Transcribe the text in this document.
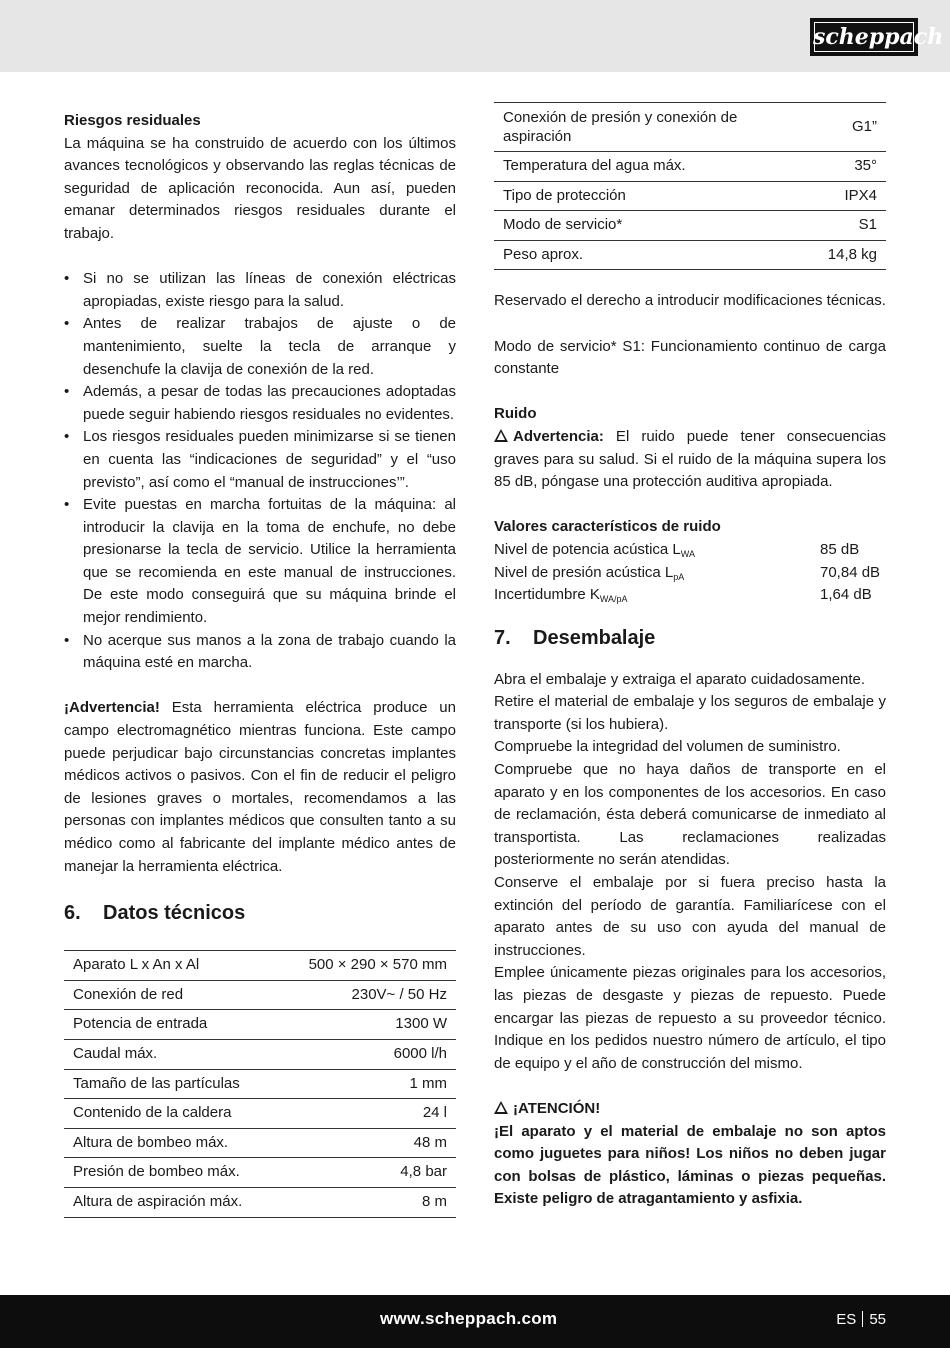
scheppach

Riesgos residuales

La máquina se ha construido de acuerdo con los últimos avances tecnológicos y observando las reglas técnicas de seguridad de aplicación reconocida. Aun así, pueden emanar determinados riesgos residuales durante el trabajo.

• Si no se utilizan las líneas de conexión eléctricas apropiadas, existe riesgo para la salud.
• Antes de realizar trabajos de ajuste o de mantenimiento, suelte la tecla de arranque y desenchufe la clavija de conexión de la red.
• Además, a pesar de todas las precauciones adoptadas puede seguir habiendo riesgos residuales no evidentes.
• Los riesgos residuales pueden minimizarse si se tienen en cuenta las “indicaciones de seguridad” y el “uso previsto”, así como el “manual de instrucciones’”.
• Evite puestas en marcha fortuitas de la máquina: al introducir la clavija en la toma de enchufe, no debe presionarse la tecla de servicio. Utilice la herramienta que se recomienda en este manual de instrucciones. De este modo conseguirá que su máquina brinde el mejor rendimiento.
• No acerque sus manos a la zona de trabajo cuando la máquina esté en marcha.

¡Advertencia! Esta herramienta eléctrica produce un campo electromagnético mientras funciona. Este campo puede perjudicar bajo circunstancias concretas implantes médicos activos o pasivos. Con el fin de reducir el peligro de lesiones graves o mortales, recomendamos a las personas con implantes médicos que consulten tanto a su médico como al fabricante del implante médico antes de manejar la herramienta eléctrica.

6.	Datos técnicos
Aparato L x An x Al	500 × 290 × 570 mm
Conexión de red	230V~ / 50 Hz
Potencia de entrada	1300 W
Caudal máx.	6000 l/h
Tamaño de las partículas	1 mm
Contenido de la caldera	24 l
Altura de bombeo máx.	48 m
Presión de bombeo máx.	4,8 bar
Altura de aspiración máx.	8 m
Conexión de presión y conexión de aspiración	G1”
Temperatura del agua máx.	35°
Tipo de protección	IPX4
Modo de servicio*	S1
Peso aprox.	14,8 kg

Reservado el derecho a introducir modificaciones técnicas.

Modo de servicio* S1: Funcionamiento continuo de carga constante

Ruido

Advertencia: El ruido puede tener consecuencias graves para su salud. Si el ruido de la máquina supera los 85 dB, póngase una protección auditiva apropiada.

Valores característicos de ruido

Nivel de potencia acústica $L_{WA}$	85 dB
Nivel de presión acústica $L_{pA}$	70,84 dB
Incertidumbre $K_{WA/pA}$	1,64 dB
7.	Desembalaje

Abra el embalaje y extraiga el aparato cuidadosamente.

Retire el material de embalaje y los seguros de embalaje y transporte (si los hubiera).

Compruebe la integridad del volumen de suministro.

Compruebe que no haya daños de transporte en el aparato y en los componentes de los accesorios. En caso de reclamación, ésta deberá comunicarse de inmediato al transportista. Las reclamaciones realizadas posteriormente no serán atendidas.

Conserve el embalaje por si fuera preciso hasta la extinción del período de garantía. Familiarícese con el aparato antes de su uso con ayuda del manual de instrucciones.

Emplee únicamente piezas originales para los accesorios, las piezas de desgaste y piezas de repuesto. Puede encargar las piezas de repuesto a su proveedor técnico. Indique en los pedidos nuestro número de artículo, el tipo de equipo y el año de construcción del mismo.

¡ATENCIÓN!

¡El aparato y el material de embalaje no son aptos como juguetes para niños! Los niños no deben jugar con bolsas de plástico, láminas o piezas pequeñas. Existe peligro de atragantamiento y asfixia.

www.scheppach.com	ES 55
